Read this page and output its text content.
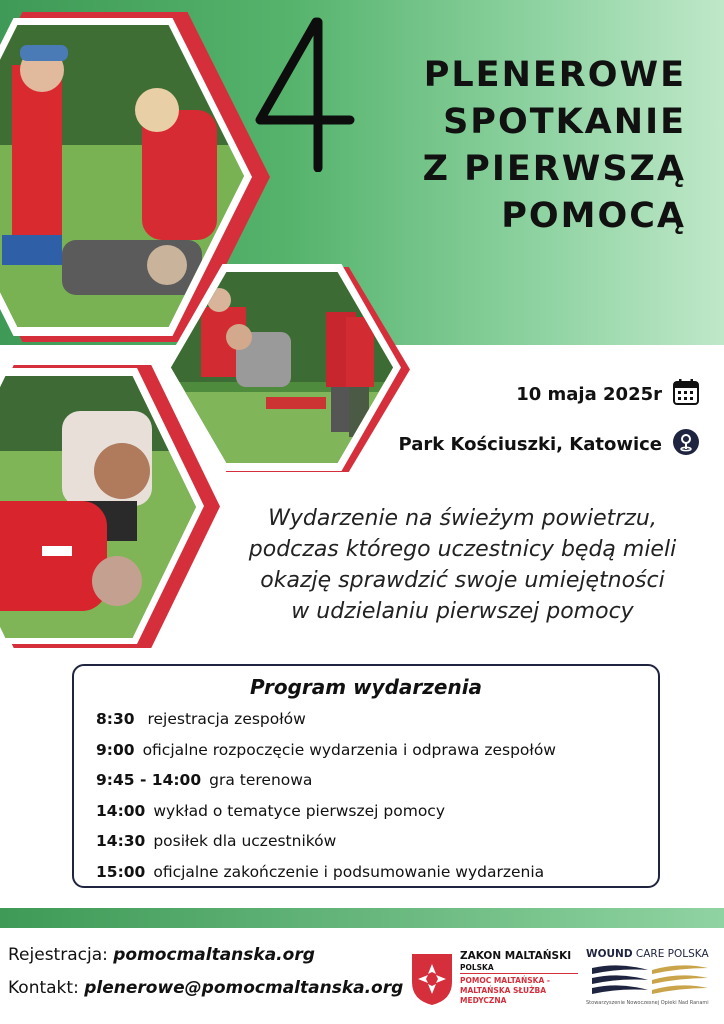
PLENEROWE
SPOTKANIE
Z PIERWSZĄ
POMOCĄ
10 maja 2025r
Park Kościuszki, Katowice
Wydarzenie na świeżym powietrzu,
podczas którego uczestnicy będą mieli
okazję sprawdzić swoje umiejętności
w udzielaniu pierwszej pomocy
Program wydarzenia
8:30 rejestracja zespołów
9:00 oficjalne rozpoczęcie wydarzenia i odprawa zespołów
9:45 - 14:00 gra terenowa
14:00 wykład o tematyce pierwszej pomocy
14:30 posiłek dla uczestników
15:00 oficjalne zakończenie i podsumowanie wydarzenia
Rejestracja: pomocmaltanska.org
Kontakt: plenerowe@pomocmaltanska.org
ZAKON MALTAŃSKI
POLSKA
POMOC MALTAŃSKA -
MALTAŃSKA SŁUŻBA
MEDYCZNA
WOUND CARE POLSKA
Stowarzyszenie Nowoczesnej Opieki Nad Ranami
